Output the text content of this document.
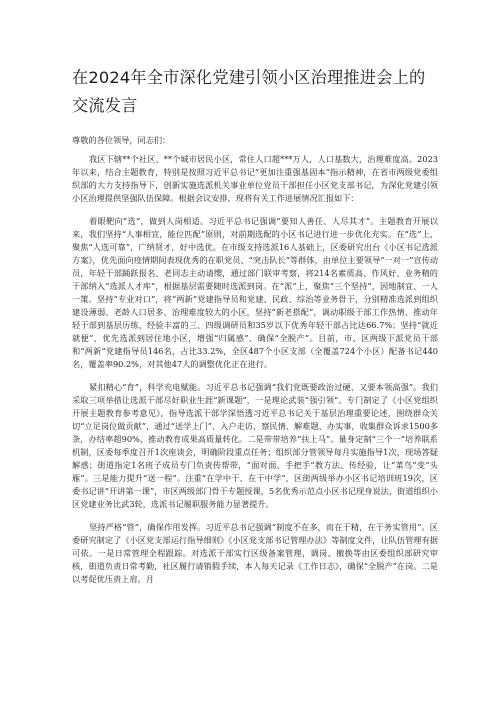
在2024年全市深化党建引领小区治理推进会上的交流发言

尊敬的各位领导，同志们：

我区下辖**个社区、**个城市居民小区，常住人口超***万人，人口基数大，治理难度高。2023年以来，结合主题教育，特别是按照习近平总书记“更加注重强基固本”指示精神，在省市两级党委组织部的大力支持指导下，创新实施选派机关事业单位党员干部担任小区党支部书记，为深化党建引领小区治理提供坚强队伍保障。根据会议安排，现将有关工作进展情况汇报如下：

着眼靶向“选”，做到人岗相适。习近平总书记强调“要知人善任、人尽其才”。主题教育开展以来，我们坚持“人事相宜，能位匹配”原则，对前期选配的小区书记进行进一步优化充实。在“选”上，聚焦“人选可靠”，广纳贤才，好中选优。在市级支持选派16人基础上，区委研究出台《小区书记选派方案》，优先面向疫情期间表现优秀的在职党员、“突击队长”等群体，由单位主要领导“一对一”宣传动员，年轻干部踊跃报名、老同志主动请缨，通过部门联审考察，将214名素质高、作风好、业务精的干部纳入“选派人才库”，根据基层需要随时选派到岗。在“派”上，聚焦“三个坚持”，因地制宜、一人一策。坚持“专业对口”，将“两新”党建指导员和党建、民政、综治等业务骨干，分别精准选派到组织建设薄弱、老龄人口居多、治理难度较大的小区，坚持“新老搭配”，调动职级干部工作热情、推动年轻干部到基层历练，经验丰富的三、四级调研员和35岁以下优秀年轻干部占比达66.7%；坚持“就近就便”，优先选派到居住地小区，增强“归属感”、确保“全脱产”。目前，市、区两级下派党员干部和“两新”党建指导员146名，占比33.2%，全区487个小区支部（全覆盖724个小区）配备书记440名，覆盖率90.2%，对其他47人的调整优化正在进行。

紧扣精心“育”，科学充电赋能。习近平总书记强调“我们党既要政治过硬、又要本领高强”。我们采取三项举措让选派干部尽好职业生涯“新课题”，一是理论武装“强引领”。专门制定了《小区党组织开展主题教育参考意见》，指导选派干部学深悟透习近平总书记关于基层治理重要论述，围绕群众关切“立足岗位做贡献”，通过“送学上门”、入户走访，察民情、解难题、办实事，收集群众诉求1500多条，办结率超90%，推动教育成果高质量转化。二是带带培养“扶上马”。量身定制“三个一”培养联系机制，区委每季度召开1次座谈会，明确阶段重点任务；组织部分管领导每月实施指导1次，现场答疑解惑；街道指定1名班子成员专门负责传帮带，“面对面、手把手”教方法、传经验，让“菜鸟”变“头雁”。三是能力提升“送一程”。注重“在学中干、在干中学”，区街两级举办小区书记培训班19次，区委书记讲“开讲第一课”，市区两级部门骨干专题授课，5名优秀示范点小区书记现身说法，街道组织小区党建业务比武3轮，选派书记履职服务能力显著提升。

坚持严格“管”，确保作用发挥。习近平总书记强调“制度不在多，而在于精，在于务实管用”。区委研究制定了《小区党支部运行指导细则》《小区党支部书记管理办法》等制度文件，让队伍管理有据可依。一是日常管理全程跟踪。对选派干部实行区级备案管理，调岗、撤换等由区委组织部研究审核，街道负责日常考勤，社区履行请销假手续，本人每天记录《工作日志》，确保“全脱产”在岗。二是以考促优压责上肩。月
